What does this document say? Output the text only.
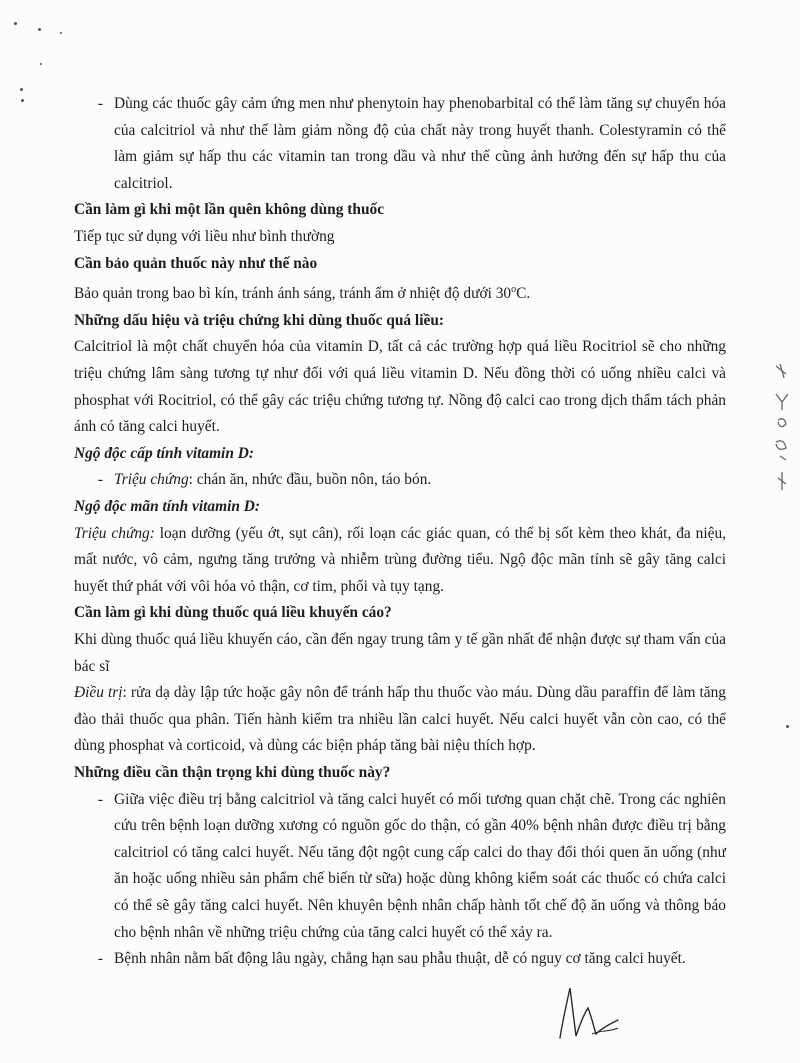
- Dùng các thuốc gây cảm ứng men như phenytoin hay phenobarbital có thể làm tăng sự chuyển hóa của calcitriol và như thế làm giảm nồng độ của chất này trong huyết thanh. Colestyramin có thể làm giảm sự hấp thu các vitamin tan trong dầu và như thế cũng ảnh hưởng đến sự hấp thu của calcitriol.

Cần làm gì khi một lần quên không dùng thuốc

Tiếp tục sử dụng với liều như bình thường

Cần bảo quản thuốc này như thế nào

Bảo quản trong bao bì kín, tránh ánh sáng, tránh ẩm ở nhiệt độ dưới 30$^o$C.

Những dấu hiệu và triệu chứng khi dùng thuốc quá liều:

Calcitriol là một chất chuyển hóa của vitamin D, tất cả các trường hợp quá liều Rocitriol sẽ cho những triệu chứng lâm sàng tương tự như đối với quá liều vitamin D. Nếu đồng thời có uống nhiều calci và phosphat với Rocitriol, có thể gây các triệu chứng tương tự. Nồng độ calci cao trong dịch thẩm tách phản ánh có tăng calci huyết.

Ngộ độc cấp tính vitamin D:

- Triệu chứng: chán ăn, nhức đầu, buồn nôn, táo bón.

Ngộ độc mãn tính vitamin D:

Triệu chứng: loạn dưỡng (yếu ớt, sụt cân), rối loạn các giác quan, có thể bị sốt kèm theo khát, đa niệu, mất nước, vô cảm, ngưng tăng trưởng và nhiễm trùng đường tiểu. Ngộ độc mãn tính sẽ gây tăng calci huyết thứ phát với vôi hóa vỏ thận, cơ tim, phổi và tụy tạng.

Cần làm gì khi dùng thuốc quá liều khuyến cáo?

Khi dùng thuốc quá liều khuyến cáo, cần đến ngay trung tâm y tế gần nhất để nhận được sự tham vấn của bác sĩ

Điều trị: rửa dạ dày lập tức hoặc gây nôn để tránh hấp thu thuốc vào máu. Dùng dầu paraffin để làm tăng đào thải thuốc qua phân. Tiến hành kiểm tra nhiều lần calci huyết. Nếu calci huyết vẫn còn cao, có thể dùng phosphat và corticoid, và dùng các biện pháp tăng bài niệu thích hợp.

Những điều cần thận trọng khi dùng thuốc này?

- Giữa việc điều trị bằng calcitriol và tăng calci huyết có mối tương quan chặt chẽ. Trong các nghiên cứu trên bệnh loạn dưỡng xương có nguồn gốc do thận, có gần 40% bệnh nhân được điều trị bằng calcitriol có tăng calci huyết. Nếu tăng đột ngột cung cấp calci do thay đổi thói quen ăn uống (như ăn hoặc uống nhiều sản phẩm chế biến từ sữa) hoặc dùng không kiểm soát các thuốc có chứa calci có thể sẽ gây tăng calci huyết. Nên khuyên bệnh nhân chấp hành tốt chế độ ăn uống và thông báo cho bệnh nhân về những triệu chứng của tăng calci huyết có thể xảy ra.
- Bệnh nhân nằm bất động lâu ngày, chẳng hạn sau phẫu thuật, dễ có nguy cơ tăng calci huyết.
